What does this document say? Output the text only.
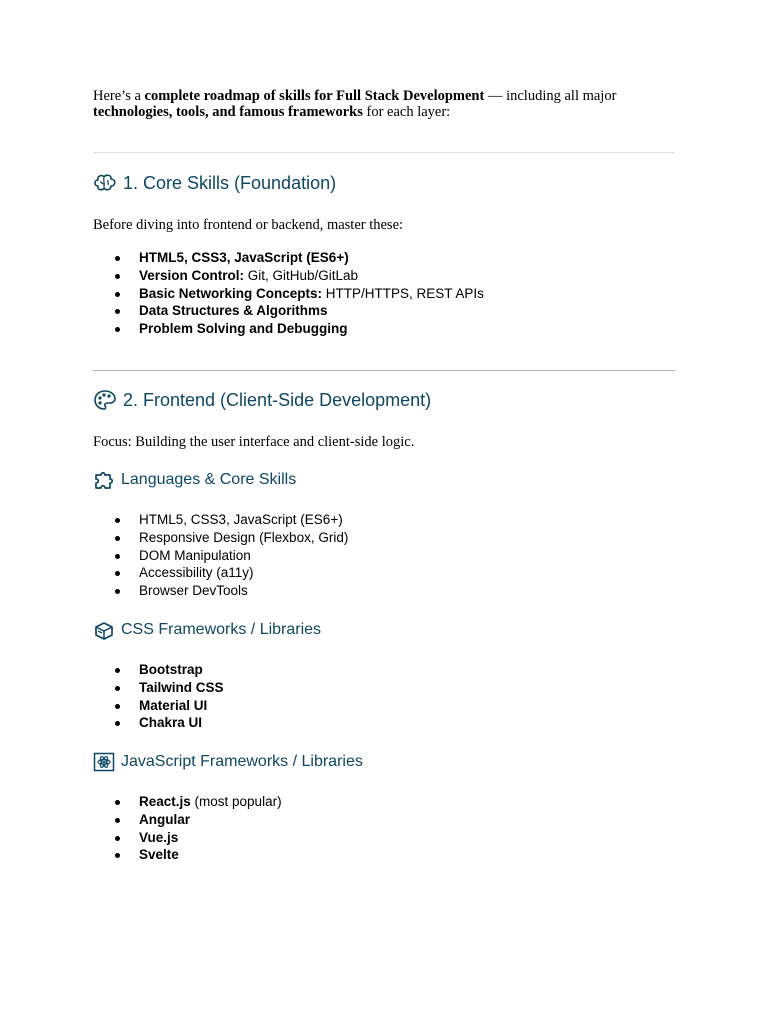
Here’s a complete roadmap of skills for Full Stack Development — including all major technologies, tools, and famous frameworks for each layer:

1. Core Skills (Foundation)

Before diving into frontend or backend, master these:

HTML5, CSS3, JavaScript (ES6+)
Version Control: Git, GitHub/GitLab
Basic Networking Concepts: HTTP/HTTPS, REST APIs
Data Structures & Algorithms
Problem Solving and Debugging
2. Frontend (Client-Side Development)

Focus: Building the user interface and client-side logic.

Languages & Core Skills
HTML5, CSS3, JavaScript (ES6+)
Responsive Design (Flexbox, Grid)
DOM Manipulation
Accessibility (a11y)
Browser DevTools
CSS Frameworks / Libraries
Bootstrap
Tailwind CSS
Material UI
Chakra UI
JavaScript Frameworks / Libraries
React.js (most popular)
Angular
Vue.js
Svelte
